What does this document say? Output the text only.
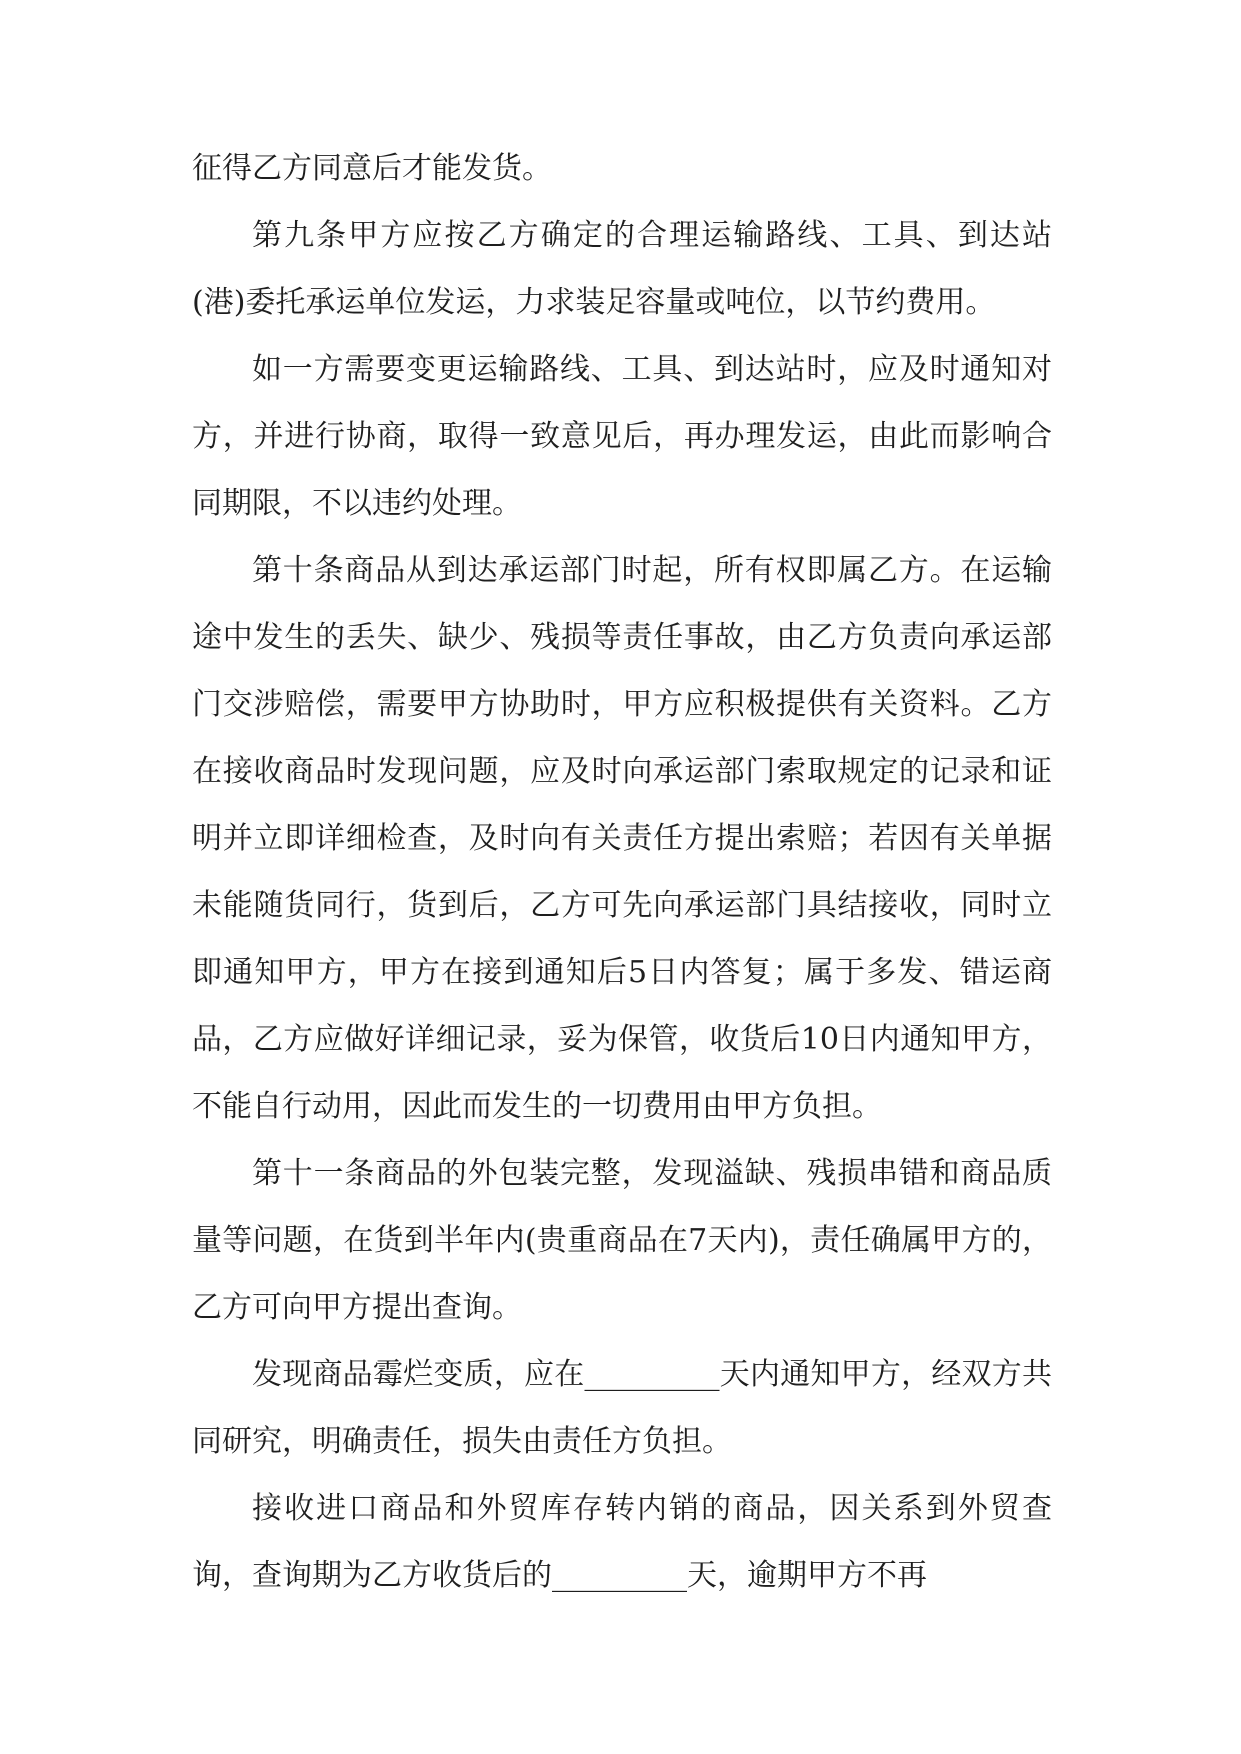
征得乙方同意后才能发货。

第九条甲方应按乙方确定的合理运输路线、工具、到达站(港)委托承运单位发运，力求装足容量或吨位，以节约费用。

如一方需要变更运输路线、工具、到达站时，应及时通知对方，并进行协商，取得一致意见后，再办理发运，由此而影响合同期限，不以违约处理。

第十条商品从到达承运部门时起，所有权即属乙方。在运输途中发生的丢失、缺少、残损等责任事故，由乙方负责向承运部门交涉赔偿，需要甲方协助时，甲方应积极提供有关资料。乙方在接收商品时发现问题，应及时向承运部门索取规定的记录和证明并立即详细检查，及时向有关责任方提出索赔；若因有关单据未能随货同行，货到后，乙方可先向承运部门具结接收，同时立即通知甲方，甲方在接到通知后5日内答复；属于多发、错运商品，乙方应做好详细记录，妥为保管，收货后10日内通知甲方，不能自行动用，因此而发生的一切费用由甲方负担。

第十一条商品的外包装完整，发现溢缺、残损串错和商品质量等问题，在货到半年内(贵重商品在7天内)，责任确属甲方的，乙方可向甲方提出查询。

发现商品霉烂变质，应在_________天内通知甲方，经双方共同研究，明确责任，损失由责任方负担。

接收进口商品和外贸库存转内销的商品，因关系到外贸查询，查询期为乙方收货后的_________天，逾期甲方不再
